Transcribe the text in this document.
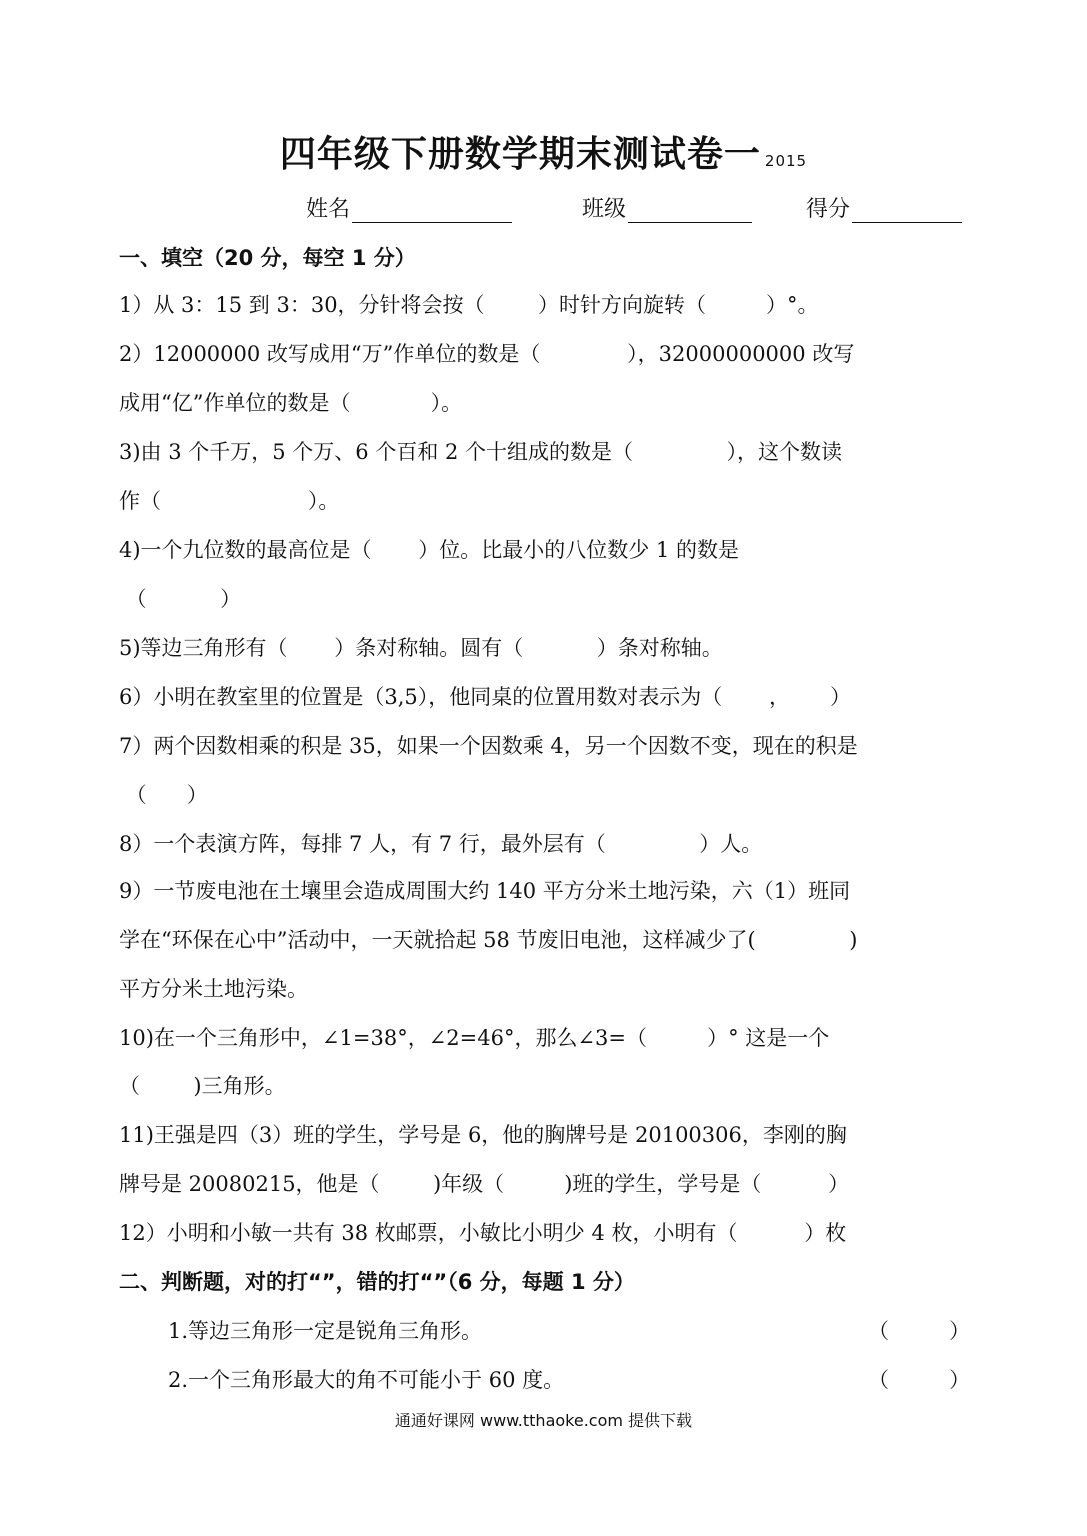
四年级下册数学期末测试卷一 2015
姓名	班级	得分
一、填空（20 分，每空 1 分）
1）从 3：15 到 3：30，分针将会按（        ）时针方向旋转（         ）°。
2）12000000 改写成用“万”作单位的数是（             ），32000000000 改写
成用“亿”作单位的数是（            ）。
3)由 3 个千万，5 个万、6 个百和 2 个十组成的数是（              ），这个数读
作（                      ）。
4)一个九位数的最高位是（       ）位。比最小的八位数少 1 的数是
（           ）
5)等边三角形有（       ）条对称轴。圆有（           ）条对称轴。
6）小明在教室里的位置是（3,5），他同桌的位置用数对表示为（       ，      ）
7）两个因数相乘的积是 35，如果一个因数乘 4，另一个因数不变，现在的积是
（      ）
8）一个表演方阵，每排 7 人，有 7 行，最外层有（              ）人。
9）一节废电池在土壤里会造成周围大约 140 平方分米土地污染，六（1）班同
学在“环保在心中”活动中，一天就拾起 58 节废旧电池，这样减少了(              )
平方分米土地污染。
10)在一个三角形中，∠1=38°，∠2=46°，那么∠3=（         ）° 这是一个
（        )三角形。
11)王强是四（3）班的学生，学号是 6，他的胸牌号是 20100306，李刚的胸
牌号是 20080215，他是（        )年级（         )班的学生，学号是（          ）
12）小明和小敏一共有 38 枚邮票，小敏比小明少 4 枚，小明有（          ）枚
二、判断题，对的打“”，错的打“”（6 分，每题 1 分）
1.等边三角形一定是锐角三角形。	（         ）
2.一个三角形最大的角不可能小于 60 度。	（         ）
通通好课网 www.tthaoke.com 提供下载
